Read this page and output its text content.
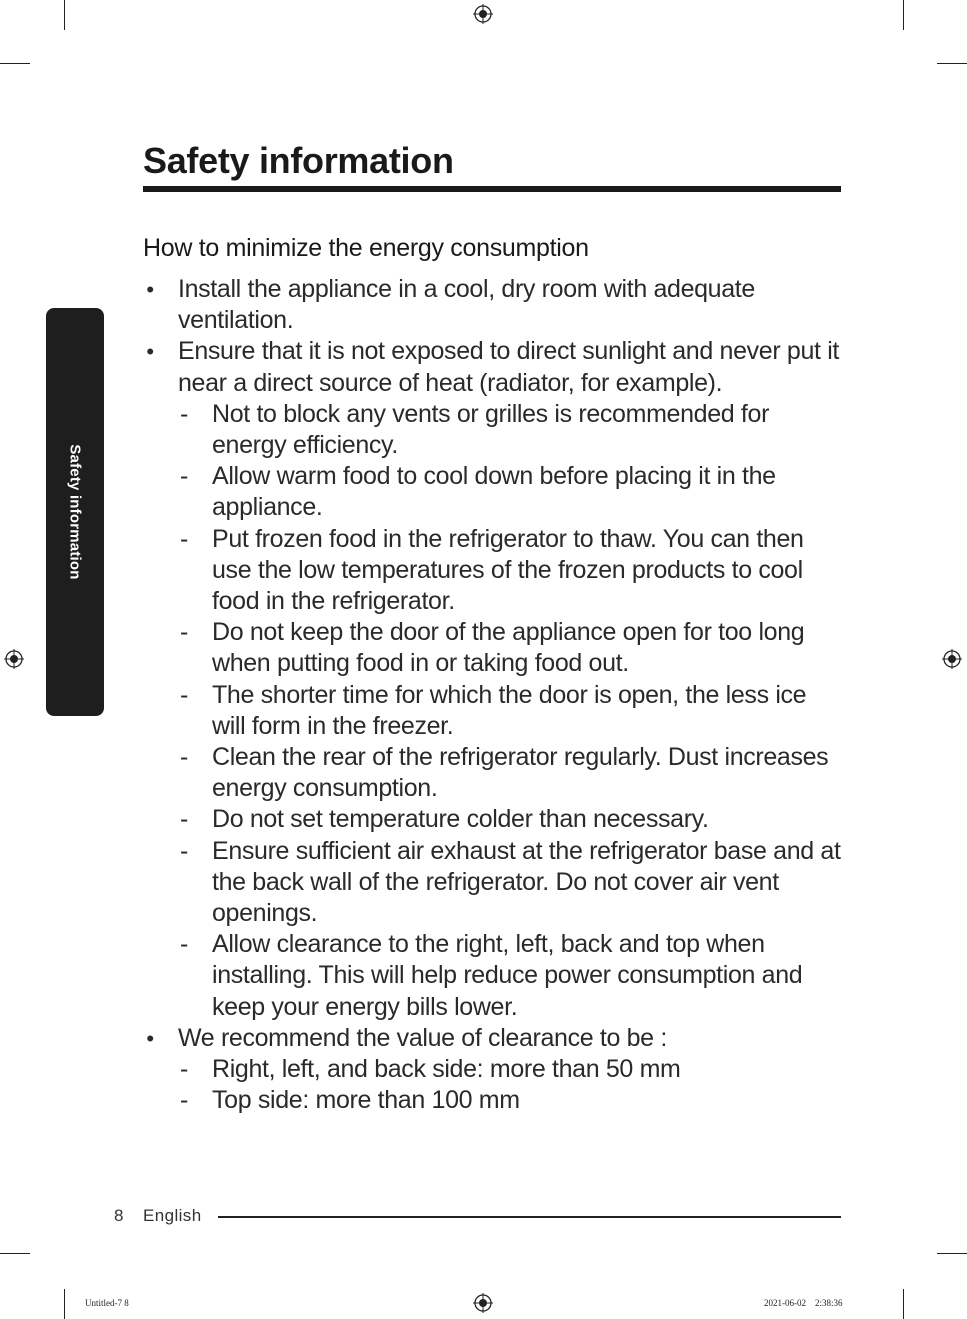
Safety information
Safety information
How to minimize the energy consumption
• Install the appliance in a cool, dry room with adequate ventilation.
• Ensure that it is not exposed to direct sunlight and never put it near a direct source of heat (radiator, for example).
- Not to block any vents or grilles is recommended for energy efficiency.
- Allow warm food to cool down before placing it in the appliance.
- Put frozen food in the refrigerator to thaw. You can then use the low temperatures of the frozen products to cool food in the refrigerator.
- Do not keep the door of the appliance open for too long when putting food in or taking food out.
- The shorter time for which the door is open, the less ice will form in the freezer.
- Clean the rear of the refrigerator regularly. Dust increases energy consumption.
- Do not set temperature colder than necessary.
- Ensure sufficient air exhaust at the refrigerator base and at the back wall of the refrigerator. Do not cover air vent openings.
- Allow clearance to the right, left, back and top when installing. This will help reduce power consumption and keep your energy bills lower.
• We recommend the value of clearance to be :
- Right, left, and back side: more than 50 mm
- Top side: more than 100 mm
8 English
Untitled-7 8	2021-06-02    2:38:36
